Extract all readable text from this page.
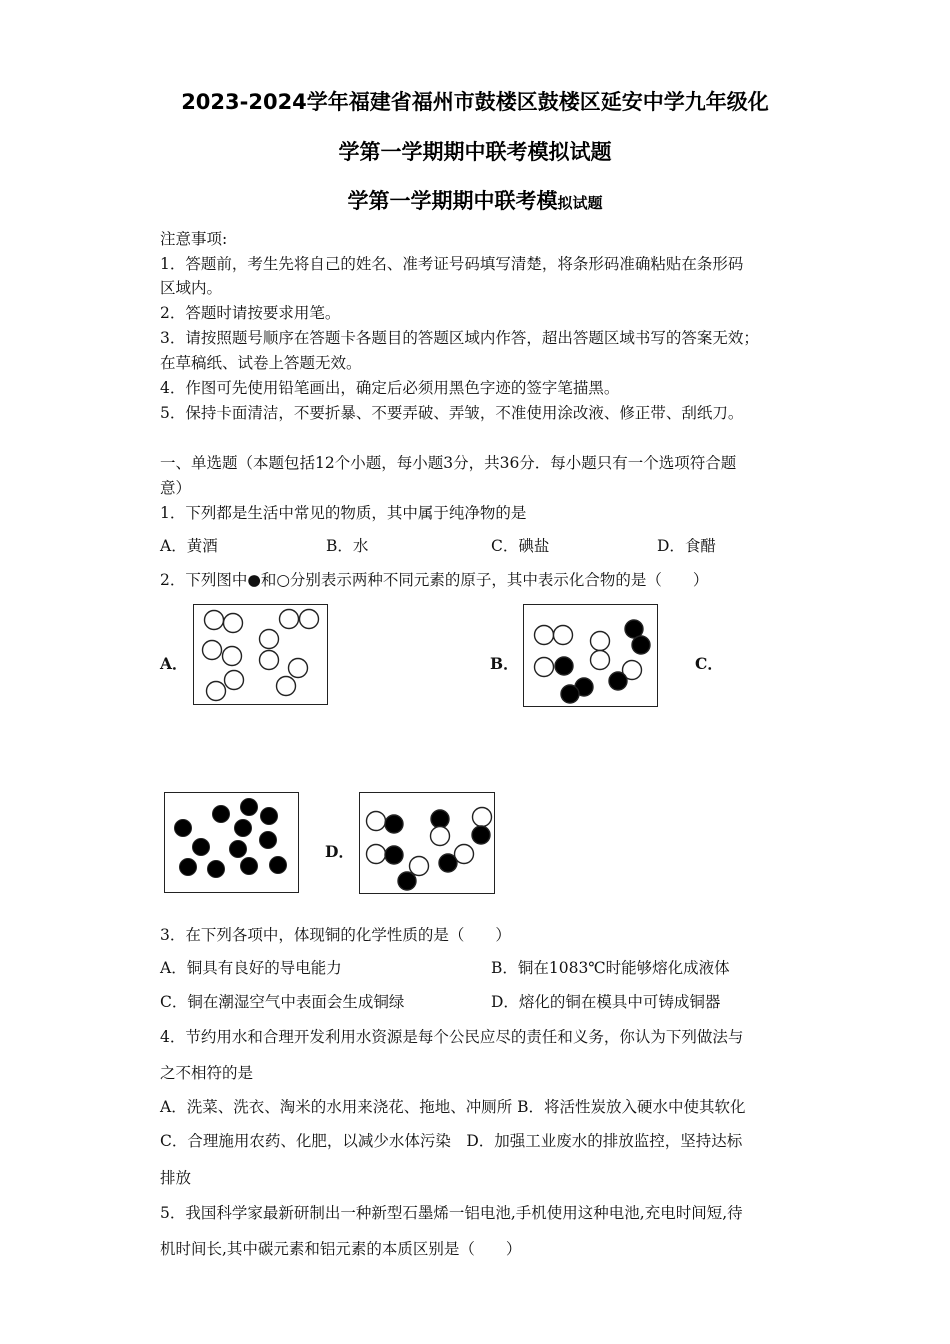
2023-2024学年福建省福州市鼓楼区鼓楼区延安中学九年级化
学第一学期期中联考模拟试题
学第一学期期中联考模拟试题
注意事项:
1．答题前，考生先将自己的姓名、准考证号码填写清楚，将条形码准确粘贴在条形码
区域内。
2．答题时请按要求用笔。
3．请按照题号顺序在答题卡各题目的答题区域内作答，超出答题区域书写的答案无效；
在草稿纸、试卷上答题无效。
4．作图可先使用铅笔画出，确定后必须用黑色字迹的签字笔描黑。
5．保持卡面清洁，不要折暴、不要弄破、弄皱，不准使用涂改液、修正带、刮纸刀。
一、单选题（本题包括12个小题，每小题3分，共36分．每小题只有一个选项符合题
意）
1．下列都是生活中常见的物质，其中属于纯净物的是
A．黄酒	B．水	C．碘盐	D．食醋
2．下列图中●和○分别表示两种不同元素的原子，其中表示化合物的是（　　）
A．	B．	C．
D．
3．在下列各项中，体现铜的化学性质的是（　　）
A．铜具有良好的导电能力	B．铜在1083℃时能够熔化成液体
C．铜在潮湿空气中表面会生成铜绿	D．熔化的铜在模具中可铸成铜器
4．节约用水和合理开发利用水资源是每个公民应尽的责任和义务，你认为下列做法与
之不相符的是
A．洗菜、洗衣、淘米的水用来浇花、拖地、冲厕所 B．将活性炭放入硬水中使其软化
C．合理施用农药、化肥，以减少水体污染　D．加强工业废水的排放监控，坚持达标
排放
5．我国科学家最新研制出一种新型石墨烯一铝电池,手机使用这种电池,充电时间短,待
机时间长,其中碳元素和铝元素的本质区别是（　　）
